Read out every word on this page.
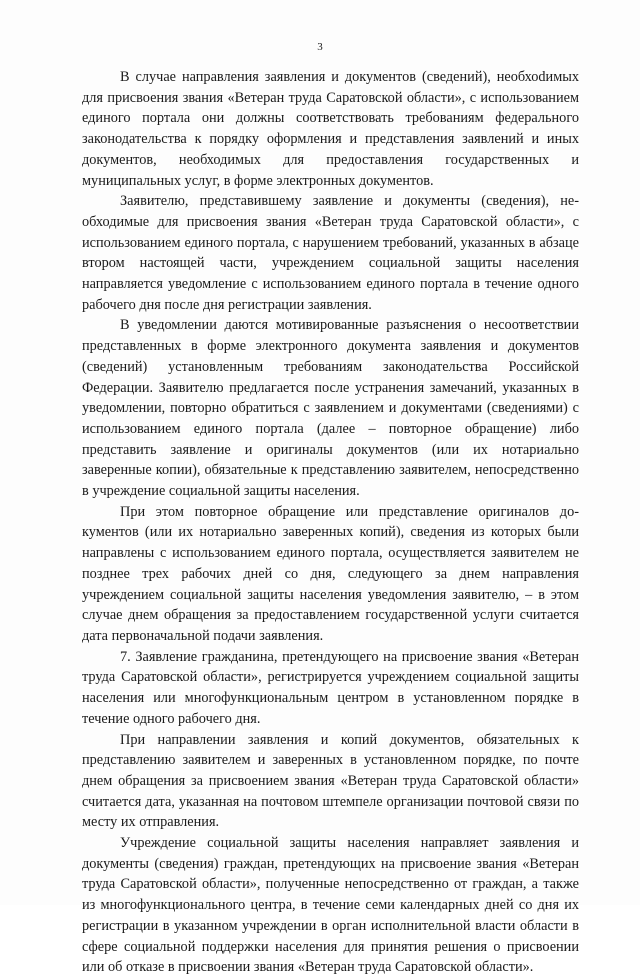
3

В случае направления заявления и документов (сведений), необхоdимых для присвоения звания «Ветеран труда Саратовской области», с использованием единого портала они должны соответствовать требованиям федерального законодательства к порядку оформления и представления заявлений и иных документов, необходимых для предоставления государственных и муниципальных услуг, в форме электронных документов.

Заявителю, представившему заявление и документы (сведения), необходимые для присвоения звания «Ветеран труда Саратовской области», с использованием единого портала, с нарушением требований, указанных в абзаце втором настоящей части, учреждением социальной защиты населения направляется уведомление с использованием единого портала в течение одного рабочего дня после дня регистрации заявления.

В уведомлении даются мотивированные разъяснения о несоответствии представленных в форме электронного документа заявления и документов (сведений) установленным требованиям законодательства Российской Федерации. Заявителю предлагается после устранения замечаний, указанных в уведомлении, повторно обратиться с заявлением и документами (сведениями) с использованием единого портала (далее – повторное обращение) либо представить заявление и оригиналы документов (или их нотариально заверенные копии), обязательные к представлению заявителем, непосредственно в учреждение социальной защиты населения.

При этом повторное обращение или представление оригиналов документов (или их нотариально заверенных копий), сведения из которых были направлены с использованием единого портала, осуществляется заявителем не позднее трех рабочих дней со дня, следующего за днем направления учреждением социальной защиты населения уведомления заявителю, – в этом случае днем обращения за предоставлением государственной услуги считается дата первоначальной подачи заявления.

7. Заявление гражданина, претендующего на присвоение звания «Ветеран труда Саратовской области», регистрируется учреждением социальной защиты населения или многофункциональным центром в установленном порядке в течение одного рабочего дня.

При направлении заявления и копий документов, обязательных к представлению заявителем и заверенных в установленном порядке, по почте днем обращения за присвоением звания «Ветеран труда Саратовской области» считается дата, указанная на почтовом штемпеле организации почтовой связи по месту их отправления.

Учреждение социальной защиты населения направляет заявления и документы (сведения) граждан, претендующих на присвоение звания «Ветеран труда Саратовской области», полученные непосредственно от граждан, а также из многофункционального центра, в течение семи календарных дней со дня их регистрации в указанном учреждении в орган исполнительной власти области в сфере социальной поддержки населения для принятия решения о присвоении или об отказе в присвоении звания «Ветеран труда Саратовской области».
